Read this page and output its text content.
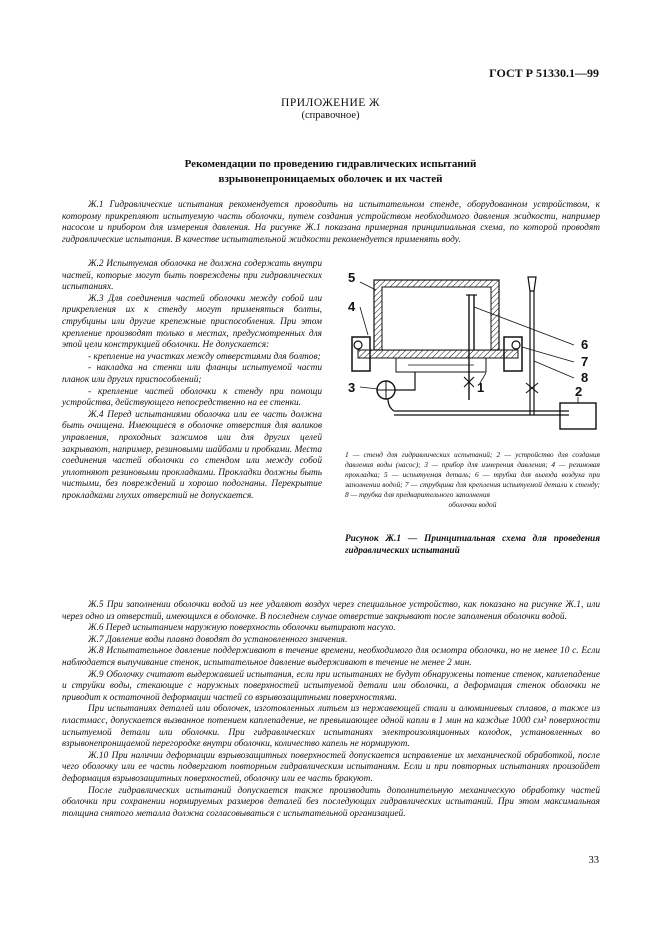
ГОСТ Р 51330.1—99
ПРИЛОЖЕНИЕ Ж
(справочное)
Рекомендации по проведению гидравлических испытаний
взрывонепроницаемых оболочек и их частей

Ж.1 Гидравлические испытания рекомендуется проводить на испытательном стенде, оборудованном устройством, к которому прикрепляют испытуемую часть оболочки, путем создания устройством необходимого давления жидкости, например насосом и прибором для измерения давления. На рисунке Ж.1 показана примерная принципиальная схема, по которой проводят гидравлические испытания. В качестве испытательной жидкости рекомендуется применять воду.

Ж.2 Испытуемая оболочка не должна содержать внутри частей, которые могут быть повреждены при гидравлических испытаниях.

Ж.3 Для соединения частей оболочки между собой или прикрепления их к стенду могут применяться болты, струбцины или другие крепежные приспособления. При этом крепление производят только в местах, предусмотренных для этой цели конструкцией оболочки. Не допускается:

- крепление на участках между отверстиями для болтов;

- накладка на стенки или фланцы испытуемой части планок или других приспособлений;

- крепление частей оболочки к стенду при помощи устройства, действующего непосредственно на ее стенки.

Ж.4 Перед испытаниями оболочка или ее часть должна быть очищена. Имеющиеся в оболочке отверстия для валиков управления, проходных зажимов или для других целей закрывают, например, резиновыми шайбами и пробками. Места соединения частей оболочки со стендом или между собой уплотняют резиновыми прокладками. Прокладки должны быть чистыми, без повреждений и хорошо подогнаны. Перекрытие прокладками глухих отверстий не допускается.

5
4
3	1
6
7
8
2
1 — стенд для гидравлических испытаний; 2 — устройство для создания давления воды (насос); 3 — прибор для измерения давления; 4 — резиновая прокладка; 5 — испытуемая деталь; 6 — трубка для выхода воздуха при заполнении водой; 7 — струбцина для крепления испытуемой детали к стенду; 8 — трубка для предварительного заполнения
оболочки водой
Рисунок Ж.1 — Принципиальная схема для проведения гидравлических испытаний

Ж.5 При заполнении оболочки водой из нее удаляют воздух через специальное устройство, как показано на рисунке Ж.1, или через одно из отверстий, имеющихся в оболочке. В последнем случае отверстие закрывают после заполнения оболочки водой.

Ж.6 Перед испытанием наружную поверхность оболочки вытирают насухо.

Ж.7 Давление воды плавно доводят до установленного значения.

Ж.8 Испытательное давление поддерживают в течение времени, необходимого для осмотра оболочки, но не менее 10 с. Если наблюдается выпучивание стенок, испытательное давление выдерживают в течение не менее 2 мин.

Ж.9 Оболочку считают выдержавшей испытания, если при испытаниях не будут обнаружены потение стенок, каплепадение и струйки воды, стекающие с наружных поверхностей испытуемой детали или оболочки, а деформация стенок оболочки не приводит к остаточной деформации частей со взрывозащитными поверхностями.

При испытаниях деталей или оболочек, изготовленных литьем из нержавеющей стали и алюминиевых сплавов, а также из пластмасс, допускается вызванное потением каплепадение, не превышающее одной капли в 1 мин на каждые 1000 см² поверхности испытуемой детали или оболочки. При гидравлических испытаниях электроизоляционных колодок, установленных во взрывонепроницаемой перегородке внутри оболочки, количество капель не нормируют.

Ж.10 При наличии деформации взрывозащитных поверхностей допускается исправление их механической обработкой, после чего оболочку или ее часть подвергают повторным гидравлическим испытаниям. Если и при повторных испытаниях произойдет деформация взрывозащитных поверхностей, оболочку или ее часть бракуют.

После гидравлических испытаний допускается также производить дополнительную механическую обработку частей оболочки при сохранении нормируемых размеров деталей без последующих гидравлических испытаний. При этом максимальная толщина снятого металла должна согласовываться с испытательной организацией.

33
